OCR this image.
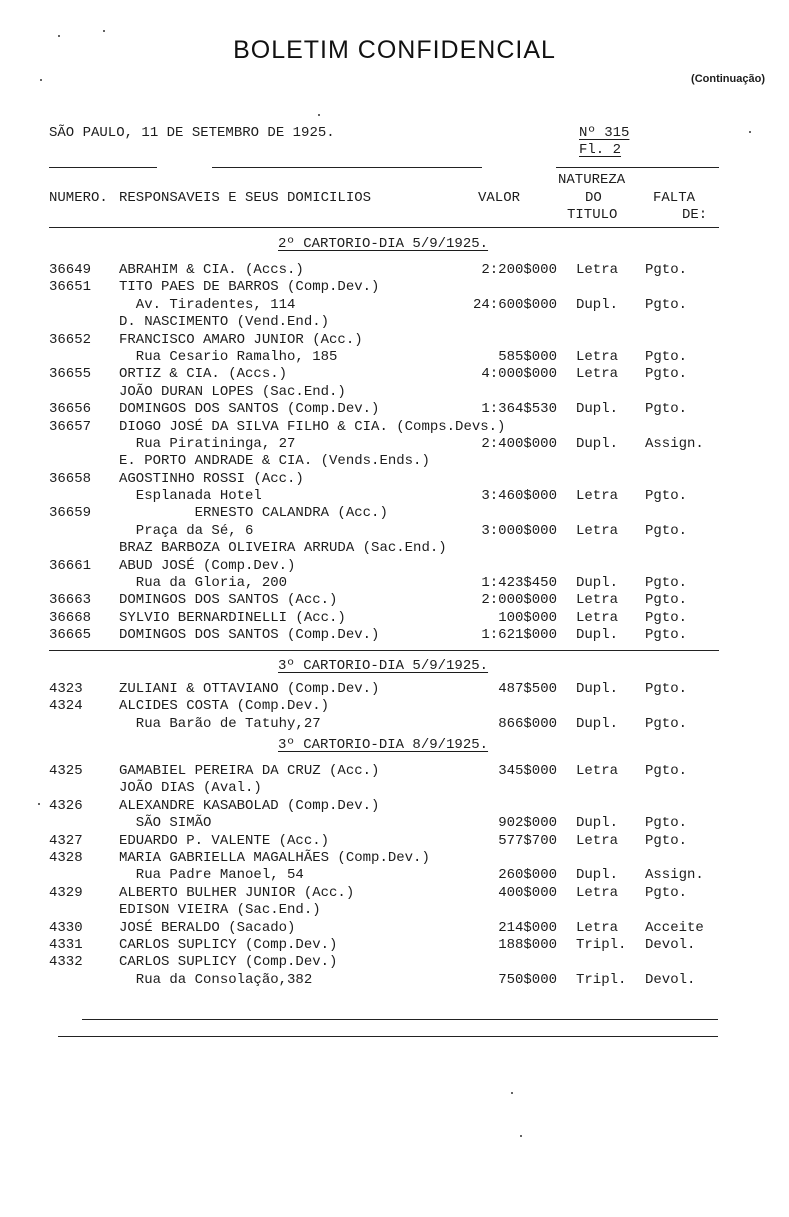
BOLETIM CONFIDENCIAL
(Continuação)
SÃO PAULO, 11 DE SETEMBRO DE 1925.	Nº 315
Fl. 2
NATUREZA
NUMERO. RESPONSAVEIS E SEUS DOMICILIOS	VALOR	DO	FALTA
TITULO	DE:
2º CARTORIO-DIA 5/9/1925.
36649 ABRAHIM & CIA. (Accs.)	2:200$000 Letra Pgto.
36651 TITO PAES DE BARROS (Comp.Dev.)
Av. Tiradentes, 114	24:600$000 Dupl. Pgto.
D. NASCIMENTO (Vend.End.)
36652 FRANCISCO AMARO JUNIOR (Acc.)
Rua Cesario Ramalho, 185	585$000 Letra Pgto.
36655 ORTIZ & CIA. (Accs.)	4:000$000 Letra Pgto.
JOÃO DURAN LOPES (Sac.End.)
36656 DOMINGOS DOS SANTOS (Comp.Dev.)	1:364$530 Dupl. Pgto.
36657 DIOGO JOSÉ DA SILVA FILHO & CIA. (Comps.Devs.)
Rua Piratininga, 27	2:400$000 Dupl. Assign.
E. PORTO ANDRADE & CIA. (Vends.Ends.)
36658 AGOSTINHO ROSSI (Acc.)
Esplanada Hotel	3:460$000 Letra Pgto.
36659 ERNESTO CALANDRA (Acc.)
Praça da Sé, 6	3:000$000 Letra Pgto.
BRAZ BARBOZA OLIVEIRA ARRUDA (Sac.End.)
36661 ABUD JOSÉ (Comp.Dev.)
Rua da Gloria, 200	1:423$450 Dupl. Pgto.
36663 DOMINGOS DOS SANTOS (Acc.)	2:000$000 Letra Pgto.
36668 SYLVIO BERNARDINELLI (Acc.)	100$000 Letra Pgto.
36665 DOMINGOS DOS SANTOS (Comp.Dev.)	1:621$000 Dupl. Pgto.
3º CARTORIO-DIA 5/9/1925.
4323	ZULIANI & OTTAVIANO (Comp.Dev.)	487$500 Dupl. Pgto.
4324	ALCIDES COSTA (Comp.Dev.)
Rua Barão de Tatuhy,27	866$000 Dupl. Pgto.
3º CARTORIO-DIA 8/9/1925.
4325	GAMABIEL PEREIRA DA CRUZ (Acc.)	345$000 Letra Pgto.
JOÃO DIAS (Aval.)
4326	ALEXANDRE KASABOLAD (Comp.Dev.)
SÃO SIMÃO	902$000 Dupl. Pgto.
4327	EDUARDO P. VALENTE (Acc.)	577$700 Letra Pgto.
4328	MARIA GABRIELLA MAGALHÃES (Comp.Dev.)
Rua Padre Manoel, 54	260$000 Dupl. Assign.
4329	ALBERTO BULHER JUNIOR (Acc.)	400$000 Letra Pgto.
EDISON VIEIRA (Sac.End.)
4330	JOSÉ BERALDO (Sacado)	214$000 Letra Acceite
4331	CARLOS SUPLICY (Comp.Dev.)	188$000 Tripl. Devol.
4332	CARLOS SUPLICY (Comp.Dev.)
Rua da Consolação,382	750$000 Tripl. Devol.
